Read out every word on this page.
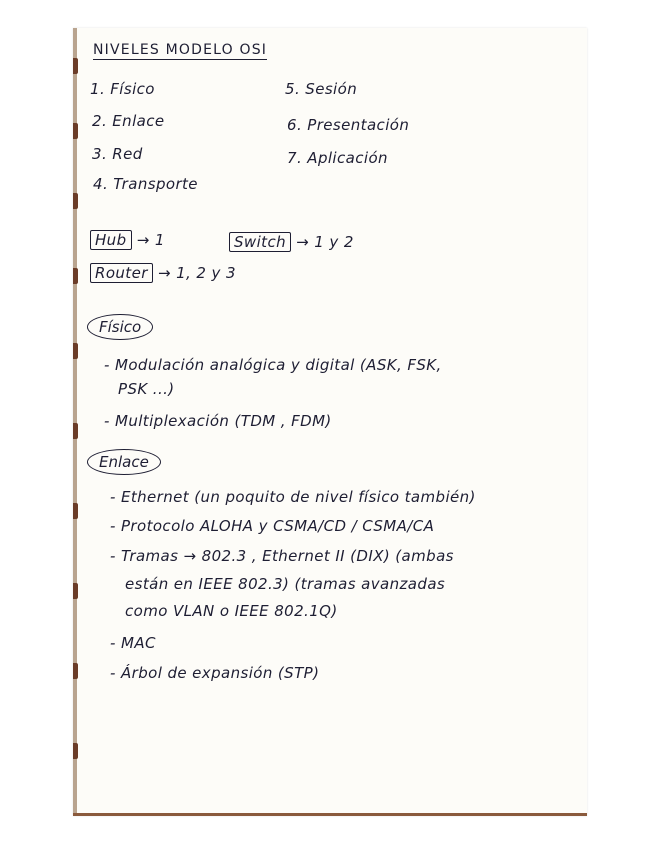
NIVELES MODELO OSI
1. Físico
2. Enlace
3. Red
4. Transporte
5. Sesión
6. Presentación
7. Aplicación
Hub → 1	Switch → 1 y 2
Router → 1, 2 y 3
Físico
- Modulación analógica y digital (ASK, FSK,
PSK ...)
- Multiplexación (TDM , FDM)
Enlace
- Ethernet (un poquito de nivel físico también)
- Protocolo ALOHA y CSMA/CD / CSMA/CA
- Tramas → 802.3 , Ethernet II (DIX) (ambas
están en IEEE 802.3) (tramas avanzadas
como VLAN o IEEE 802.1Q)
- MAC
- Árbol de expansión (STP)
